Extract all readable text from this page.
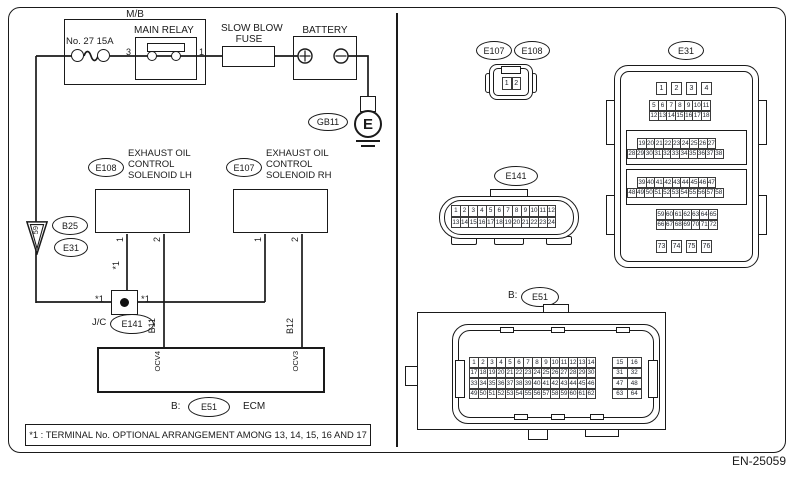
M/B
No. 27 15A
MAIN RELAY
3	1
SLOW BLOW
FUSE
BATTERY
E
GB11
59 B25
E31
E108
EXHAUST OIL
CONTROL
SOLENOID LH
1	2
E107
EXHAUST OIL
CONTROL
SOLENOID RH
1	2
*1
*1	*1
J/C E141 B11	B12
OCV4	OCV3
B: E51	ECM
*1 : TERMINAL No. OPTIONAL ARRANGEMENT AMONG 13, 14, 15, 16 AND 17
E107 E108
1 2
E31
1	2	3	4
5 6 7 8 9 10 11
12 13 14 15 16 17 18
19 20 21 22 23 24 25 26 27
28 29 30 31 32 33 34 35 36 37 38
39 40 41 42 43 44 45 46 47
48 49 50 51 52 53 54 55 56 57 58
59 60 61 62 63 64 65
66 67 68 69 70 71 72
73 74 75 76
E141
1 2 3 4 5 6 7 8 9 10 11 12
13 14 15 16 17 18 19 20 21 22 23 24
B: E51
1 2 3 4 5 6 7 8 9 10 11 12 13 14	15	16
17 18 19 20 21 22 23 24 25 26 27 28 29 30	31	32
33 34 35 36 37 38 39 40 41 42 43 44 45 46	47	48
49 50 51 52 53 54 55 56 57 58 59 60 61 62	63	64
EN-25059
